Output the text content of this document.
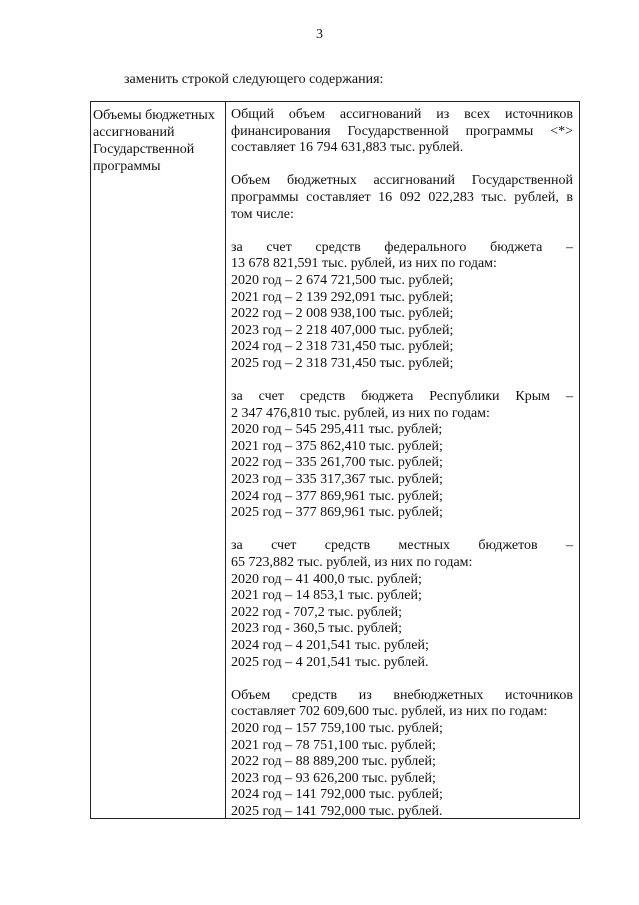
3
заменить строкой следующего содержания:
Объемы бюджетных
ассигнований
Государственной
программы
Общий объем ассигнований из всех источников
финансирования Государственной программы <*>
составляет 16 794 631,883 тыс. рублей.
Объем бюджетных ассигнований Государственной
программы составляет 16 092 022,283 тыс. рублей, в
том числе:
за счет средств федерального бюджета –
13 678 821,591 тыс. рублей, из них по годам:
2020 год – 2 674 721,500 тыс. рублей;
2021 год – 2 139 292,091 тыс. рублей;
2022 год – 2 008 938,100 тыс. рублей;
2023 год – 2 218 407,000 тыс. рублей;
2024 год – 2 318 731,450 тыс. рублей;
2025 год – 2 318 731,450 тыс. рублей;
за счет средств бюджета Республики Крым –
2 347 476,810 тыс. рублей, из них по годам:
2020 год – 545 295,411 тыс. рублей;
2021 год – 375 862,410 тыс. рублей;
2022 год – 335 261,700 тыс. рублей;
2023 год – 335 317,367 тыс. рублей;
2024 год – 377 869,961 тыс. рублей;
2025 год – 377 869,961 тыс. рублей;
за счет средств местных бюджетов –
65 723,882 тыс. рублей, из них по годам:
2020 год – 41 400,0 тыс. рублей;
2021 год – 14 853,1 тыс. рублей;
2022 год - 707,2 тыс. рублей;
2023 год - 360,5 тыс. рублей;
2024 год – 4 201,541 тыс. рублей;
2025 год – 4 201,541 тыс. рублей.
Объем средств из внебюджетных источников
составляет 702 609,600 тыс. рублей, из них по годам:
2020 год – 157 759,100 тыс. рублей;
2021 год – 78 751,100 тыс. рублей;
2022 год – 88 889,200 тыс. рублей;
2023 год – 93 626,200 тыс. рублей;
2024 год – 141 792,000 тыс. рублей;
2025 год – 141 792,000 тыс. рублей.
